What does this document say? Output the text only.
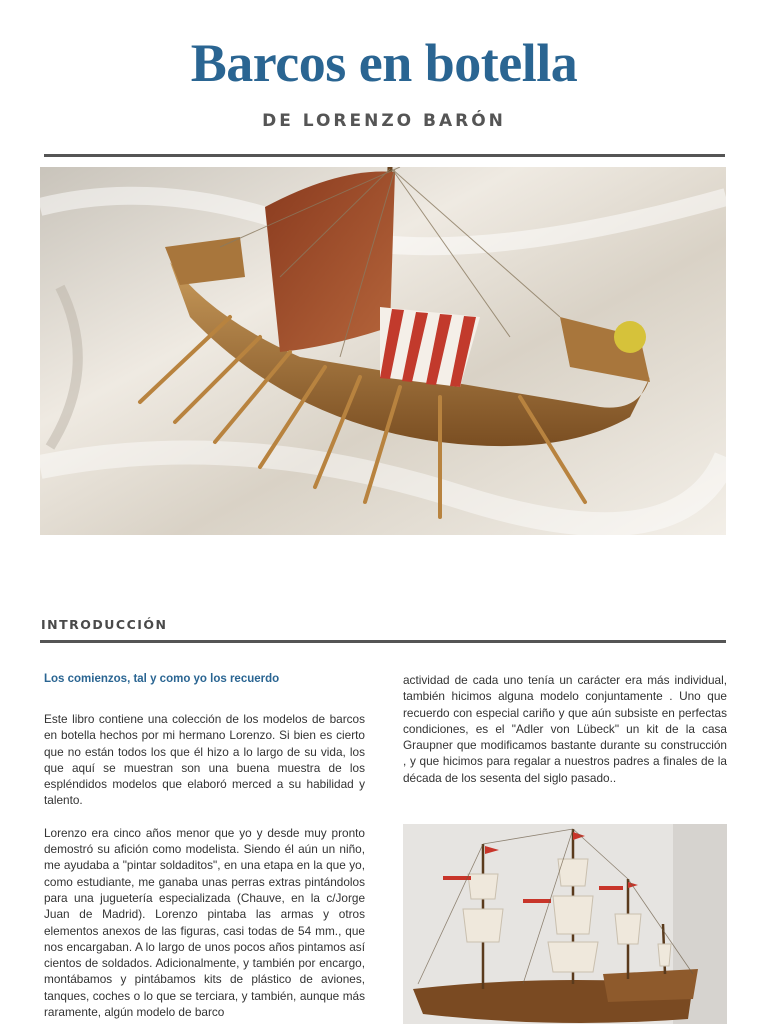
Barcos en botella
DE LORENZO BARÓN
INTRODUCCIÓN
Los comienzos, tal y como yo los recuerdo

Este libro contiene una colección de los modelos de barcos en botella hechos por mi hermano Lorenzo. Si bien es cierto que no están todos los que él hizo a lo largo de su vida, los que aquí se muestran son una buena muestra de los espléndidos modelos que elaboró merced a su habilidad y talento.

Lorenzo era cinco años menor que yo y desde muy pronto demostró su afición como modelista. Siendo él aún un niño, me ayudaba a "pintar soldaditos", en una etapa en la que yo, como estudiante, me ganaba unas perras extras pintándolos para una juguetería especializada (Chauve, en la c/Jorge Juan de Madrid). Lorenzo pintaba las armas y otros elementos anexos de las figuras, casi todas de 54 mm., que nos encargaban. A lo largo de unos pocos años pintamos así cientos de soldados. Adicionalmente, y también por encargo, montábamos y pintábamos kits de plástico de aviones, tanques, coches o lo que se terciara, y también, aunque más raramente, algún modelo de barco

actividad de cada uno tenía un carácter era más individual, también hicimos alguna modelo conjuntamente . Uno que recuerdo con especial cariño y que aún subsiste en perfectas condiciones, es el "Adler von Lübeck" un kit de la casa Graupner que modificamos bastante durante su construcción , y que hicimos para regalar a nuestros padres a finales de la década de los sesenta del siglo pasado..
